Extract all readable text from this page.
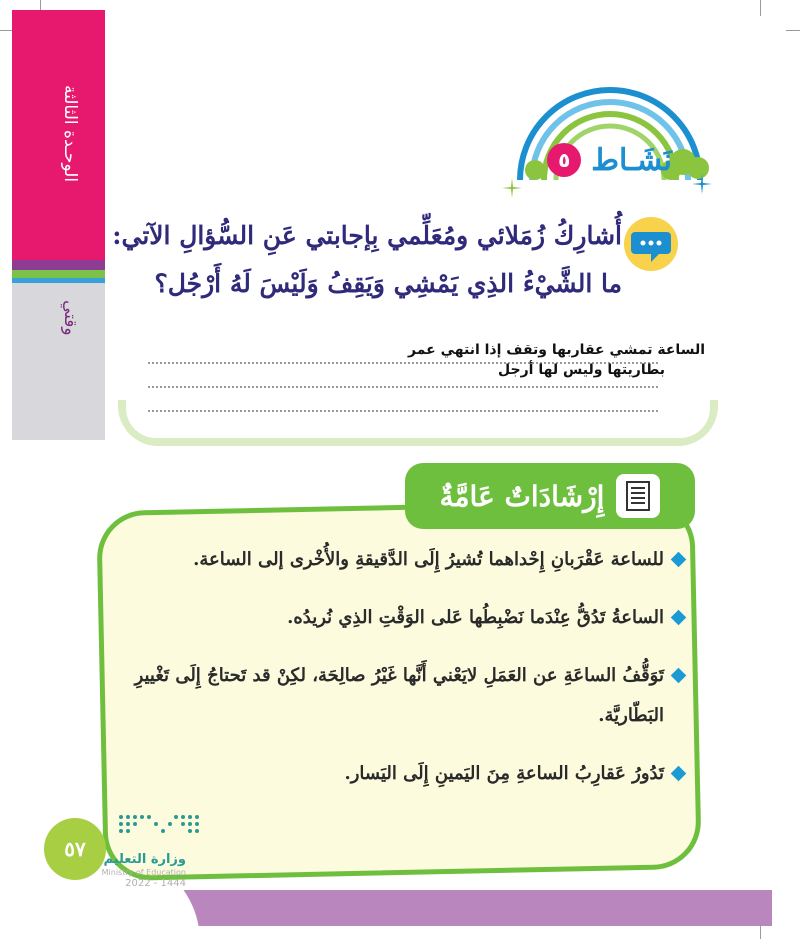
الوحـدة الثالثة
وقتي
٥ نَشَـاط
أُشارِكُ زُمَلائي ومُعَلِّمي بِإجابتي عَنِ السُّؤالِ الآتي:
ما الشَّيْءُ الذِي يَمْشِي وَيَقِفُ وَلَيْسَ لَهُ أَرْجُل؟
الساعة تمشي عقاربها وتقف إذا انتهي عمر
بطاريتها وليس لها أرجل
إِرْشَادَاتٌ عَامَّةٌ
للساعة عَقْرَبانِ إِحْداهما تُشيرُ إِلَى الدَّقيقةِ والأُخْرى إلى الساعة.
الساعةُ تَدُقُّ عِنْدَما نَضْبِطُها عَلى الوَقْتِ الذِي نُريدُه.
تَوَقُّفُ الساعَةِ عن العَمَلِ لايَعْني أَنَّها غَيْرُ صالِحَة، لكِنْ قد تَحتاجُ إِلَى تَغْييرِ البَطّاريَّة.
تَدُورُ عَقارِبُ الساعةِ مِنَ اليَمينِ إِلَى اليَسار.
٥٧	وزارة التعليم
Ministry of Education
2022 - 1444
